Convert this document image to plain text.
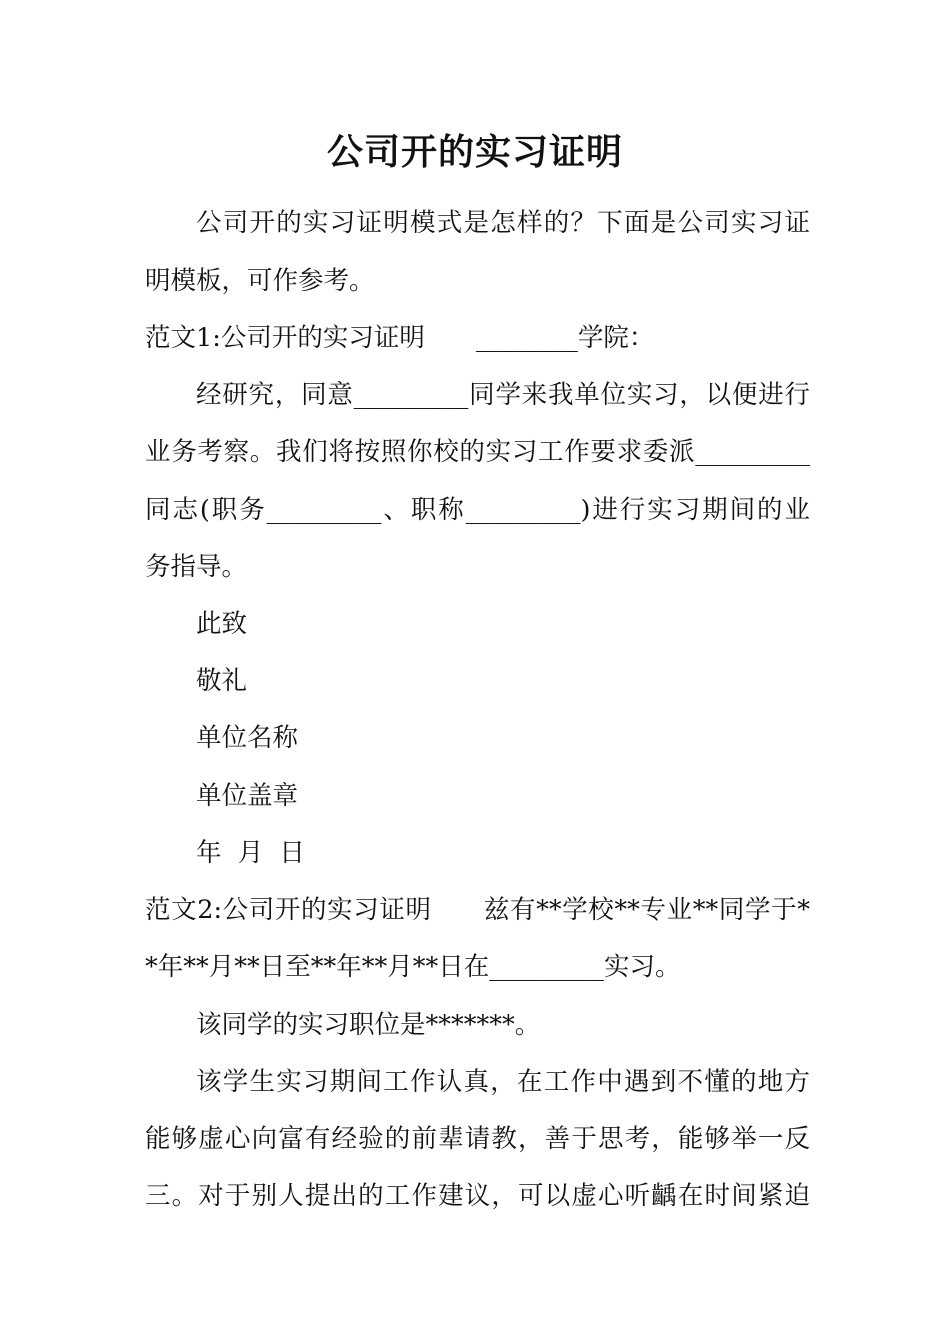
公司开的实习证明
公司开的实习证明模式是怎样的？下面是公司实习证
明模板，可作参考。
范文1:公司开的实习证明　　________学院：
经研究，同意_________同学来我单位实习，以便进行
业务考察。我们将按照你校的实习工作要求委派_________
同志(职务_________、职称_________)进行实习期间的业
务指导。
此致
敬礼
单位名称
单位盖章
年  月  日
范文2:公司开的实习证明　　兹有**学校**专业**同学于*
*年**月**日至**年**月**日在_________实习。
该同学的实习职位是*******。
该学生实习期间工作认真，在工作中遇到不懂的地方
能够虚心向富有经验的前辈请教，善于思考，能够举一反
三。对于别人提出的工作建议，可以虚心听齲在时间紧迫
